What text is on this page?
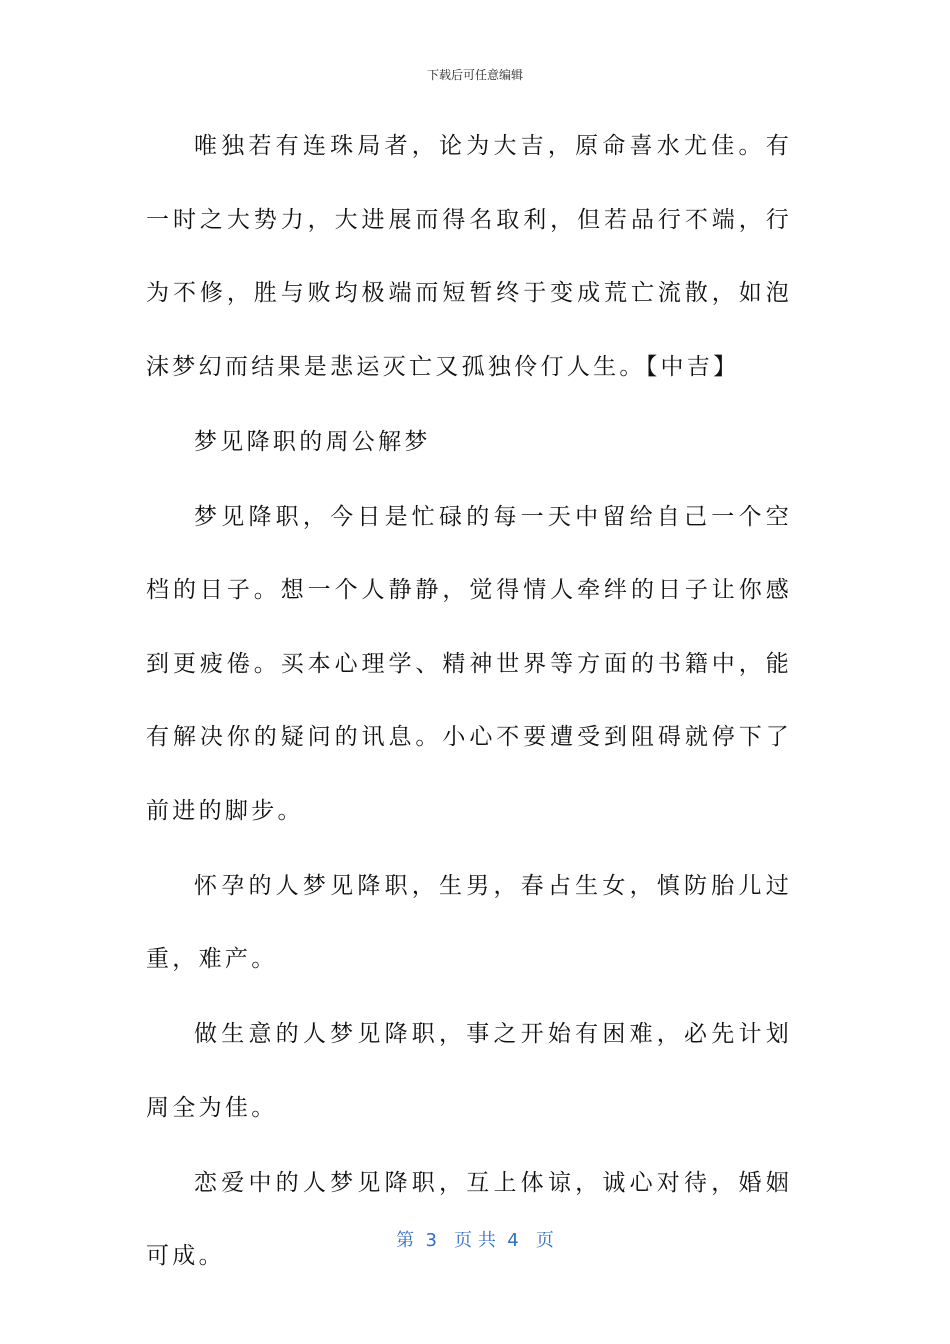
下载后可任意编辑

唯独若有连珠局者，论为大吉，原命喜水尤佳。有一时之大势力，大进展而得名取利，但若品行不端，行为不修，胜与败均极端而短暂终于变成荒亡流散，如泡沫梦幻而结果是悲运灭亡又孤独伶仃人生。【中吉】

梦见降职的周公解梦

梦见降职，今日是忙碌的每一天中留给自己一个空档的日子。想一个人静静，觉得情人牵绊的日子让你感到更疲倦。买本心理学、精神世界等方面的书籍中，能有解决你的疑问的讯息。小心不要遭受到阻碍就停下了前进的脚步。

怀孕的人梦见降职，生男，春占生女，慎防胎儿过重，难产。

做生意的人梦见降职，事之开始有困难，必先计划周全为佳。

恋爱中的人梦见降职，互上体谅，诚心对待，婚姻可成。

第  3   页 共  4   页
